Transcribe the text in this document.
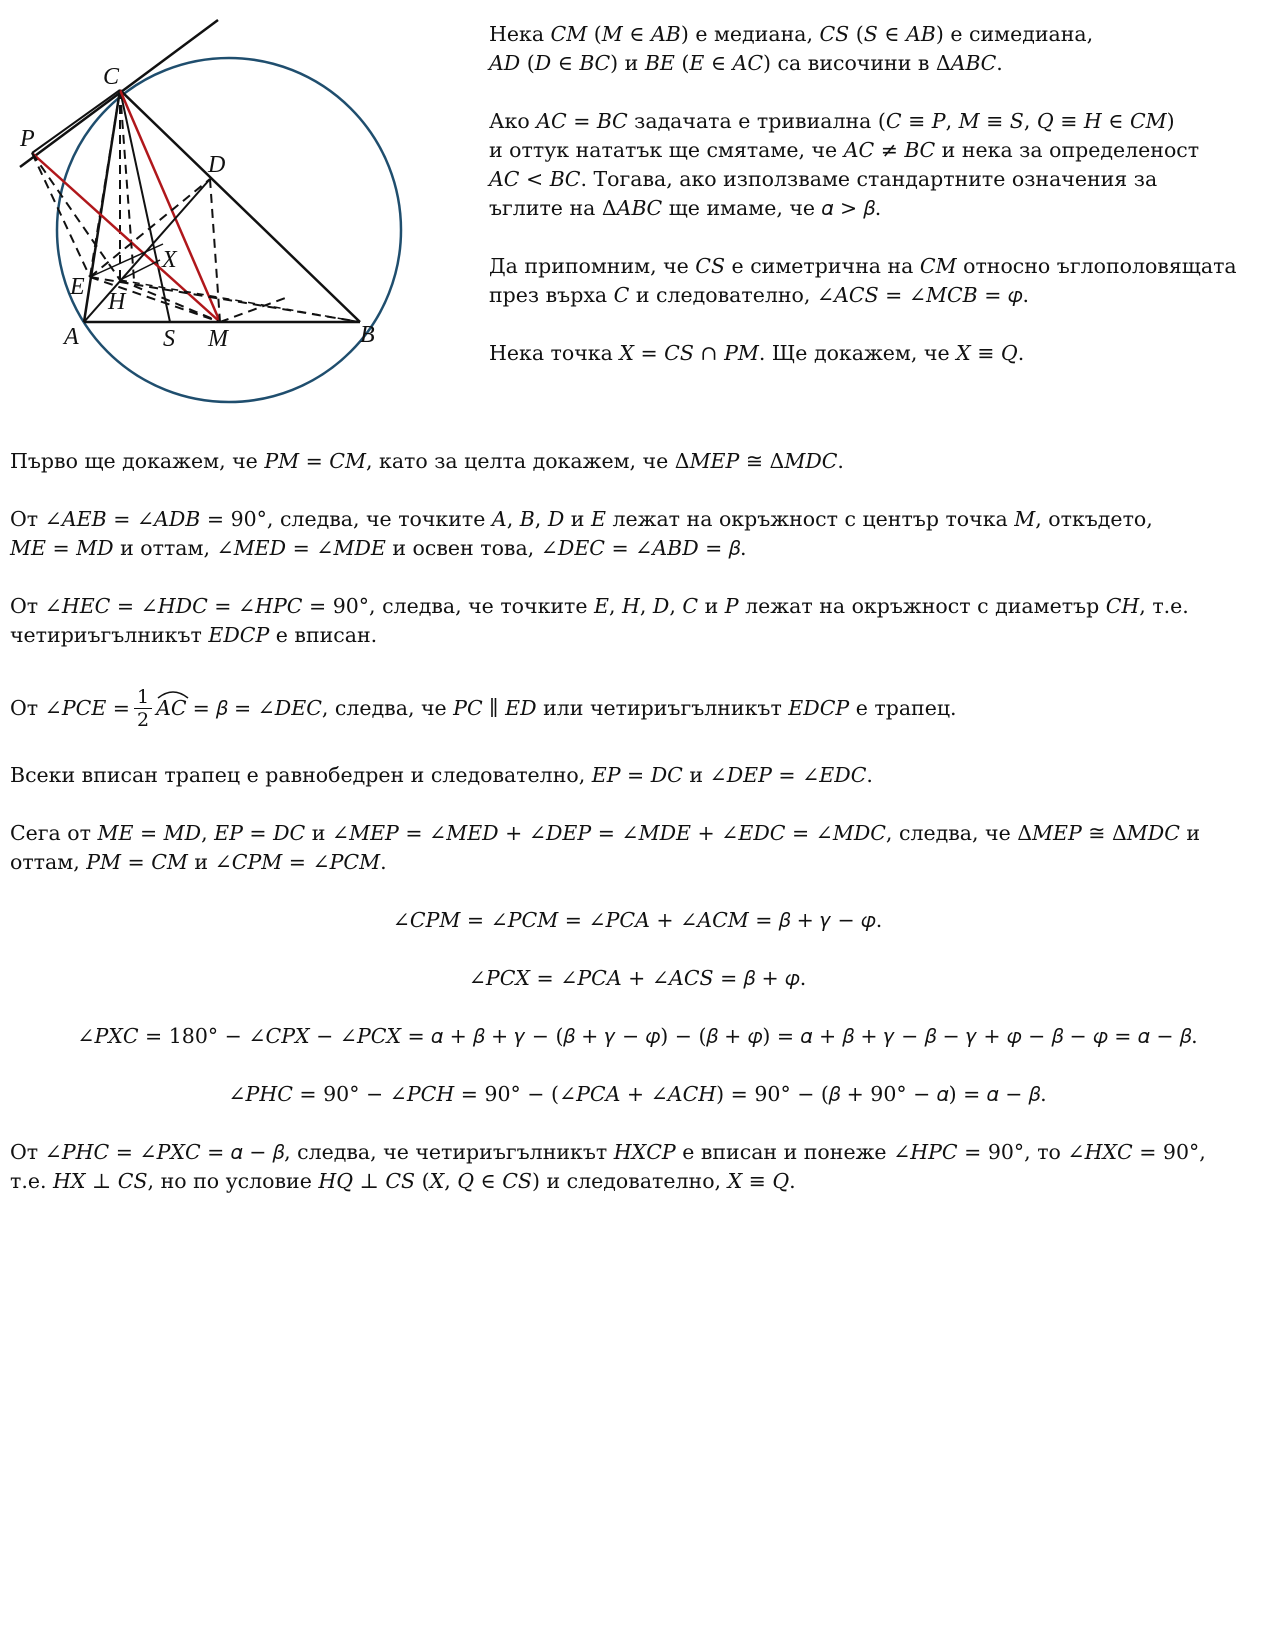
C
P
D
X
E
H
A	S M	B

Нека 𝐶𝑀 (𝑀 ∈ 𝐴𝐵) е медиана, 𝐶𝑆 (𝑆 ∈ 𝐴𝐵) е симедиана,
𝐴𝐷 (𝐷 ∈ 𝐵𝐶) и 𝐵𝐸 (𝐸 ∈ 𝐴𝐶) са височини в Δ𝐴𝐵𝐶.

Ако 𝐴𝐶 = 𝐵𝐶 задачата е тривиална (𝐶 ≡ 𝑃, 𝑀 ≡ 𝑆, 𝑄 ≡ 𝐻 ∈ 𝐶𝑀)
и оттук нататък ще смятаме, че 𝐴𝐶 ≠ 𝐵𝐶 и нека за определеност
𝐴𝐶 < 𝐵𝐶. Тогава, ако използваме стандартните означения за
ъглите на Δ𝐴𝐵𝐶 ще имаме, че 𝛼 > 𝛽.

Да припомним, че 𝐶𝑆 е симетрична на 𝐶𝑀 относно ъглополовящата
през върха 𝐶 и следователно, ∠𝐴𝐶𝑆 = ∠𝑀𝐶𝐵 = 𝜑.

Нека точка 𝑋 = 𝐶𝑆 ∩ 𝑃𝑀. Ще докажем, че 𝑋 ≡ 𝑄.

Първо ще докажем, че 𝑃𝑀 = 𝐶𝑀, като за целта докажем, че Δ𝑀𝐸𝑃 ≅ Δ𝑀𝐷𝐶.

От ∠𝐴𝐸𝐵 = ∠𝐴𝐷𝐵 = 90°, следва, че точките 𝐴, 𝐵, 𝐷 и 𝐸 лежат на окръжност с център точка 𝑀, откъдето,
𝑀𝐸 = 𝑀𝐷 и оттам, ∠𝑀𝐸𝐷 = ∠𝑀𝐷𝐸 и освен това, ∠𝐷𝐸𝐶 = ∠𝐴𝐵𝐷 = 𝛽.

От ∠𝐻𝐸𝐶 = ∠𝐻𝐷𝐶 = ∠𝐻𝑃𝐶 = 90°, следва, че точките 𝐸, 𝐻, 𝐷, 𝐶 и 𝑃 лежат на окръжност с диаметър 𝐶𝐻, т.е.
четириъгълникът 𝐸𝐷𝐶𝑃 е вписан.

От ∠𝑃𝐶𝐸 = $\frac{1}{2}$ 𝐴𝐶 = 𝛽 = ∠𝐷𝐸𝐶, следва, че 𝑃𝐶 ∥ 𝐸𝐷 или четириъгълникът 𝐸𝐷𝐶𝑃 е трапец.

Всеки вписан трапец е равнобедрен и следователно, 𝐸𝑃 = 𝐷𝐶 и ∠𝐷𝐸𝑃 = ∠𝐸𝐷𝐶.

Сега от 𝑀𝐸 = 𝑀𝐷, 𝐸𝑃 = 𝐷𝐶 и ∠𝑀𝐸𝑃 = ∠𝑀𝐸𝐷 + ∠𝐷𝐸𝑃 = ∠𝑀𝐷𝐸 + ∠𝐸𝐷𝐶 = ∠𝑀𝐷𝐶, следва, че Δ𝑀𝐸𝑃 ≅ Δ𝑀𝐷𝐶 и
оттам, 𝑃𝑀 = 𝐶𝑀 и ∠𝐶𝑃𝑀 = ∠𝑃𝐶𝑀.

∠𝐶𝑃𝑀 = ∠𝑃𝐶𝑀 = ∠𝑃𝐶𝐴 + ∠𝐴𝐶𝑀 = 𝛽 + 𝛾 − 𝜑.

∠𝑃𝐶𝑋 = ∠𝑃𝐶𝐴 + ∠𝐴𝐶𝑆 = 𝛽 + 𝜑.

∠𝑃𝑋𝐶 = 180° − ∠𝐶𝑃𝑋 − ∠𝑃𝐶𝑋 = 𝛼 + 𝛽 + 𝛾 − (𝛽 + 𝛾 − 𝜑) − (𝛽 + 𝜑) = 𝛼 + 𝛽 + 𝛾 − 𝛽 − 𝛾 + 𝜑 − 𝛽 − 𝜑 = 𝛼 − 𝛽.

∠𝑃𝐻𝐶 = 90° − ∠𝑃𝐶𝐻 = 90° − (∠𝑃𝐶𝐴 + ∠𝐴𝐶𝐻) = 90° − (𝛽 + 90° − 𝛼) = 𝛼 − 𝛽.

От ∠𝑃𝐻𝐶 = ∠𝑃𝑋𝐶 = 𝛼 − 𝛽, следва, че четириъгълникът 𝐻𝑋𝐶𝑃 е вписан и понеже ∠𝐻𝑃𝐶 = 90°, то ∠𝐻𝑋𝐶 = 90°,
т.е. 𝐻𝑋 ⊥ 𝐶𝑆, но по условие 𝐻𝑄 ⊥ 𝐶𝑆 (𝑋, 𝑄 ∈ 𝐶𝑆) и следователно, 𝑋 ≡ 𝑄.
